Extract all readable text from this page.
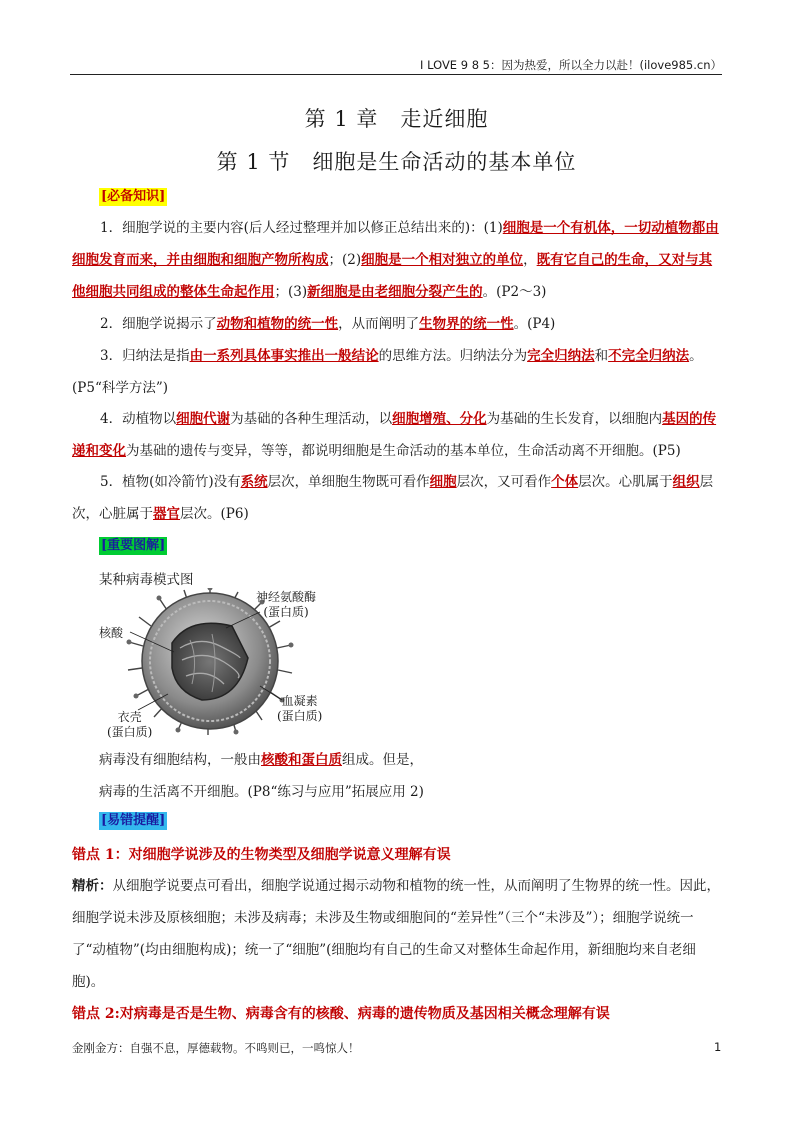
I LOVE 9 8 5：因为热爱，所以全力以赴！(ilove985.cn）
第 1 章　走近细胞
第 1 节　细胞是生命活动的基本单位
[必备知识]

1．细胞学说的主要内容(后人经过整理并加以修正总结出来的)：(1)细胞是一个有机体，一切动植物都由细胞发育而来，并由细胞和细胞产物所构成；(2)细胞是一个相对独立的单位，既有它自己的生命，又对与其他细胞共同组成的整体生命起作用；(3)新细胞是由老细胞分裂产生的。(P2～3)

2．细胞学说揭示了动物和植物的统一性，从而阐明了生物界的统一性。(P4)

3．归纳法是指由一系列具体事实推出一般结论的思维方法。归纳法分为完全归纳法和不完全归纳法。(P5“科学方法”)

4．动植物以细胞代谢为基础的各种生理活动，以细胞增殖、分化为基础的生长发育，以细胞内基因的传递和变化为基础的遗传与变异，等等，都说明细胞是生命活动的基本单位，生命活动离不开细胞。(P5)

5．植物(如冷箭竹)没有系统层次，单细胞生物既可看作细胞层次，又可看作个体层次。心肌属于组织层次，心脏属于器官层次。(P6)

[重要图解]
某种病毒模式图
神经氨酸酶
(蛋白质)
核酸
血凝素
(蛋白质)
衣壳
(蛋白质)
病毒没有细胞结构，一般由核酸和蛋白质组成。但是，
病毒的生活离不开细胞。(P8“练习与应用”拓展应用 2)
[易错提醒]
错点 1：对细胞学说涉及的生物类型及细胞学说意义理解有误

精析：从细胞学说要点可看出，细胞学说通过揭示动物和植物的统一性，从而阐明了生物界的统一性。因此，细胞学说未涉及原核细胞；未涉及病毒；未涉及生物或细胞间的“差异性”（三个“未涉及”）；细胞学说统一了“动植物”(均由细胞构成)；统一了“细胞”(细胞均有自己的生命又对整体生命起作用，新细胞均来自老细胞)。

错点 2:对病毒是否是生物、病毒含有的核酸、病毒的遗传物质及基因相关概念理解有误
金刚金方：自强不息，厚德载物。不鸣则已，一鸣惊人！	1
